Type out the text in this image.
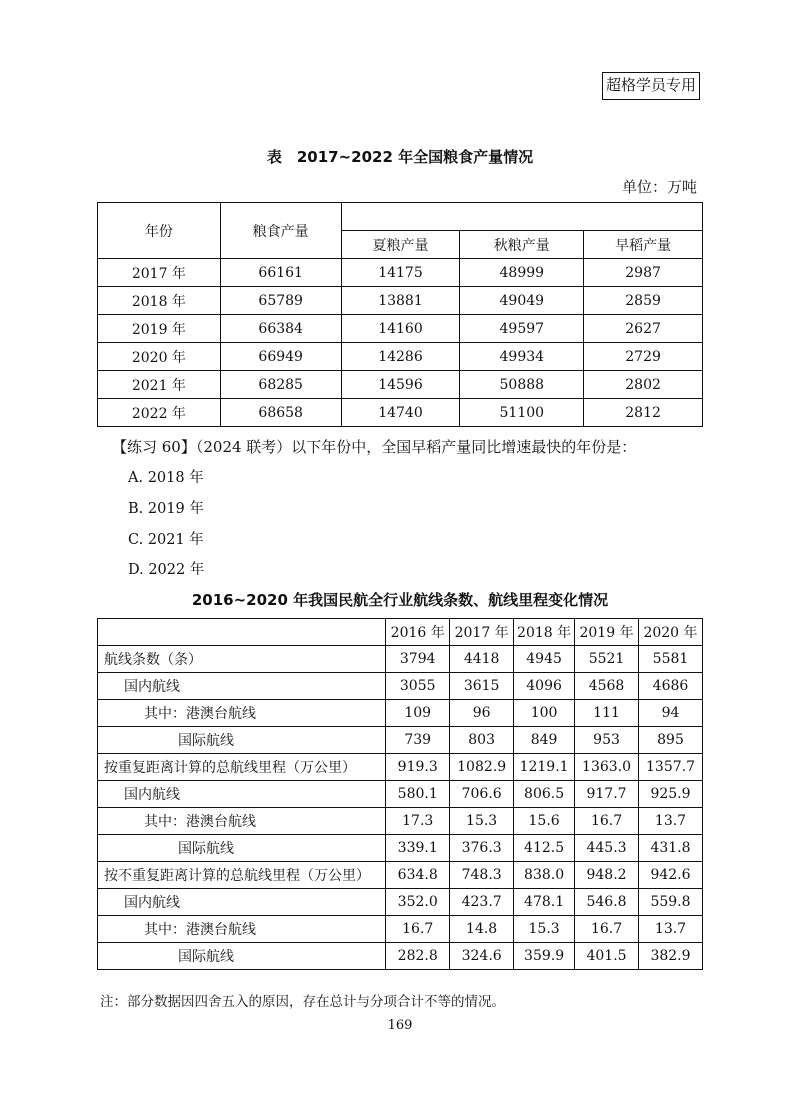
超格学员专用
表　2017~2022 年全国粮食产量情况
单位：万吨
年份	粮食产量			
		夏粮产量	秋粮产量	早稻产量
2017 年	66161	14175	48999	2987
2018 年	65789	13881	49049	2859
2019 年	66384	14160	49597	2627
2020 年	66949	14286	49934	2729
2021 年	68285	14596	50888	2802
2022 年	68658	14740	51100	2812
【练习 60】（2024 联考）以下年份中，全国早稻产量同比增速最快的年份是：
A. 2018 年
B. 2019 年
C. 2021 年
D. 2022 年
2016~2020 年我国民航全行业航线条数、航线里程变化情况
	2016 年	2017 年	2018 年	2019 年	2020 年
航线条数（条）	3794	4418	4945	5521	5581
国内航线	3055	3615	4096	4568	4686
其中：港澳台航线	109	96	100	111	94
国际航线	739	803	849	953	895
按重复距离计算的总航线里程（万公里）	919.3	1082.9	1219.1	1363.0	1357.7
国内航线	580.1	706.6	806.5	917.7	925.9
其中：港澳台航线	17.3	15.3	15.6	16.7	13.7
国际航线	339.1	376.3	412.5	445.3	431.8
按不重复距离计算的总航线里程（万公里）	634.8	748.3	838.0	948.2	942.6
国内航线	352.0	423.7	478.1	546.8	559.8
其中：港澳台航线	16.7	14.8	15.3	16.7	13.7
国际航线	282.8	324.6	359.9	401.5	382.9
注：部分数据因四舍五入的原因，存在总计与分项合计不等的情况。
169
